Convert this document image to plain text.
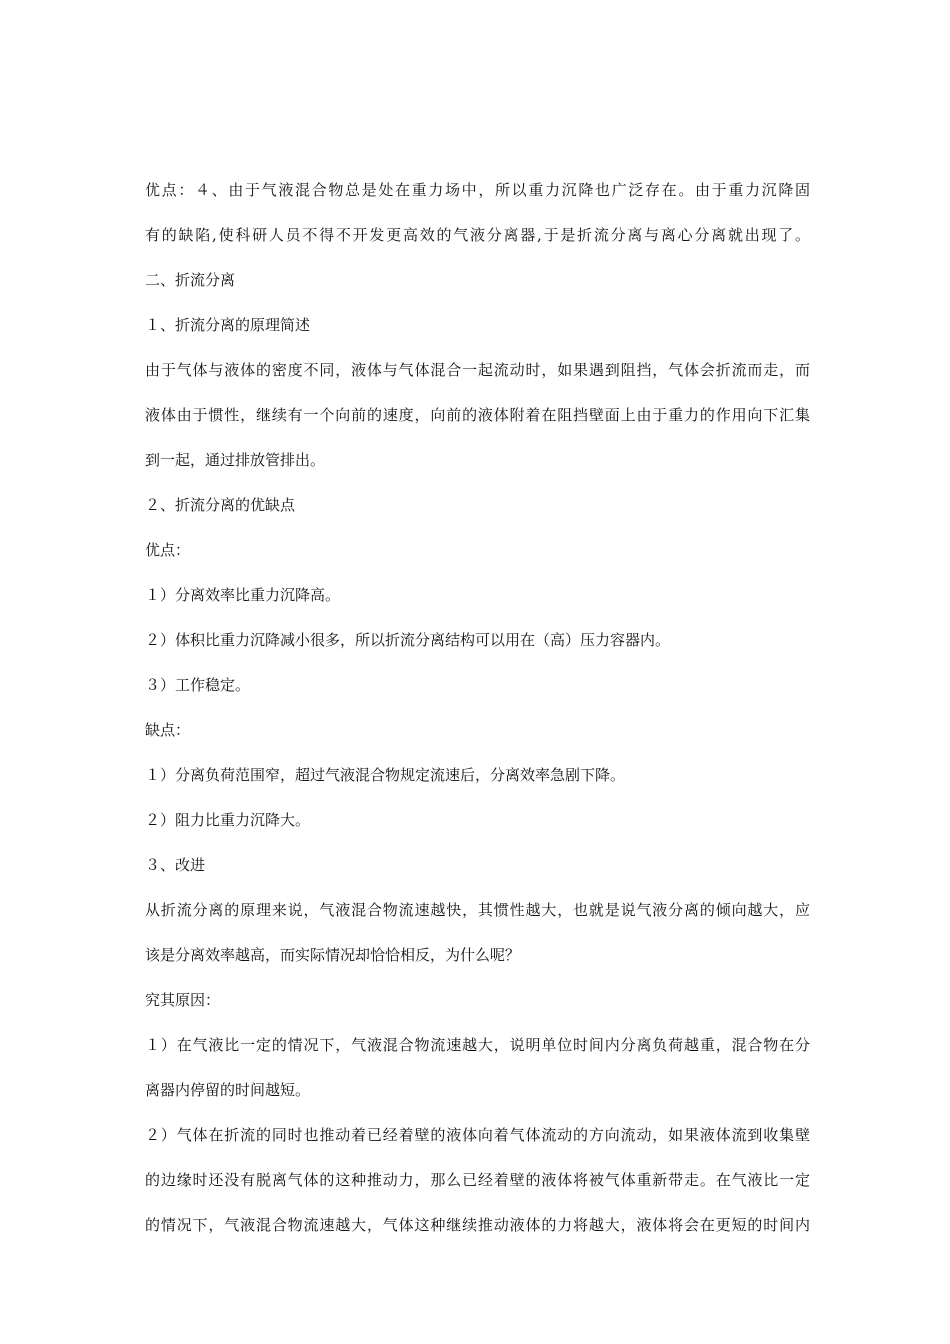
优点：４、由于气液混合物总是处在重力场中，所以重力沉降也广泛存在。由于重力沉降固
有的缺陷,使科研人员不得不开发更高效的气液分离器,于是折流分离与离心分离就出现了。
二、折流分离
１、折流分离的原理简述
由于气体与液体的密度不同，液体与气体混合一起流动时，如果遇到阻挡，气体会折流而走，而
液体由于惯性，继续有一个向前的速度，向前的液体附着在阻挡壁面上由于重力的作用向下汇集
到一起，通过排放管排出。
２、折流分离的优缺点
优点：
１）分离效率比重力沉降高。
２）体积比重力沉降减小很多，所以折流分离结构可以用在（高）压力容器内。
３）工作稳定。
缺点：
１）分离负荷范围窄，超过气液混合物规定流速后，分离效率急剧下降。
２）阻力比重力沉降大。
３、改进
从折流分离的原理来说，气液混合物流速越快，其惯性越大，也就是说气液分离的倾向越大，应
该是分离效率越高，而实际情况却恰恰相反，为什么呢？
究其原因：
１）在气液比一定的情况下，气液混合物流速越大，说明单位时间内分离负荷越重，混合物在分
离器内停留的时间越短。
２）气体在折流的同时也推动着已经着壁的液体向着气体流动的方向流动，如果液体流到收集壁
的边缘时还没有脱离气体的这种推动力，那么已经着壁的液体将被气体重新带走。在气液比一定
的情况下，气液混合物流速越大，气体这种继续推动液体的力将越大，液体将会在更短的时间内
